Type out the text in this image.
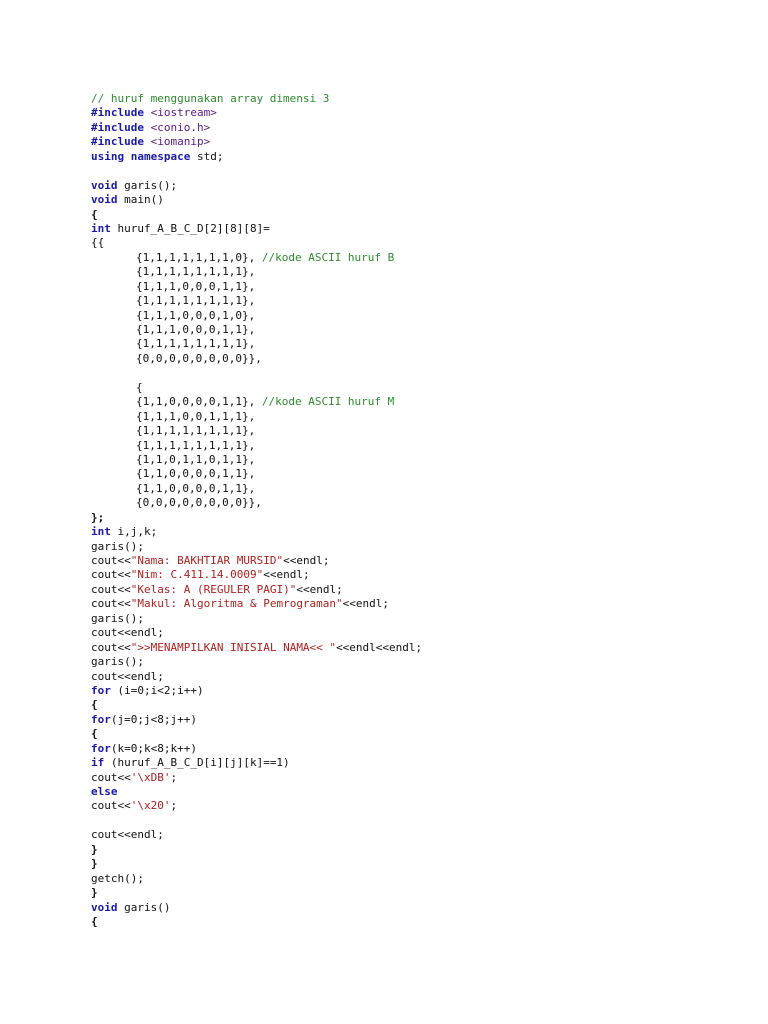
// huruf menggunakan array dimensi 3
#include <iostream>
#include <conio.h>
#include <iomanip>
using namespace std;

void garis();
void main()
{
int huruf_A_B_C_D[2][8][8]=
{{
{1,1,1,1,1,1,1,0}, //kode ASCII huruf B
{1,1,1,1,1,1,1,1},
{1,1,1,0,0,0,1,1},
{1,1,1,1,1,1,1,1},
{1,1,1,0,0,0,1,0},
{1,1,1,0,0,0,1,1},
{1,1,1,1,1,1,1,1},
{0,0,0,0,0,0,0,0}},

{
{1,1,0,0,0,0,1,1}, //kode ASCII huruf M
{1,1,1,0,0,1,1,1},
{1,1,1,1,1,1,1,1},
{1,1,1,1,1,1,1,1},
{1,1,0,1,1,0,1,1},
{1,1,0,0,0,0,1,1},
{1,1,0,0,0,0,1,1},
{0,0,0,0,0,0,0,0}},
};
int i,j,k;
garis();
cout<<"Nama: BAKHTIAR MURSID"<<endl;
cout<<"Nim: C.411.14.0009"<<endl;
cout<<"Kelas: A (REGULER PAGI)"<<endl;
cout<<"Makul: Algoritma & Pemrograman"<<endl;
garis();
cout<<endl;
cout<<">>MENAMPILKAN INISIAL NAMA<< "<<endl<<endl;
garis();
cout<<endl;
for (i=0;i<2;i++)
{
for(j=0;j<8;j++)
{
for(k=0;k<8;k++)
if (huruf_A_B_C_D[i][j][k]==1)
cout<<'\xDB';
else
cout<<'\x20';

cout<<endl;
}
}
getch();
}
void garis()
{
